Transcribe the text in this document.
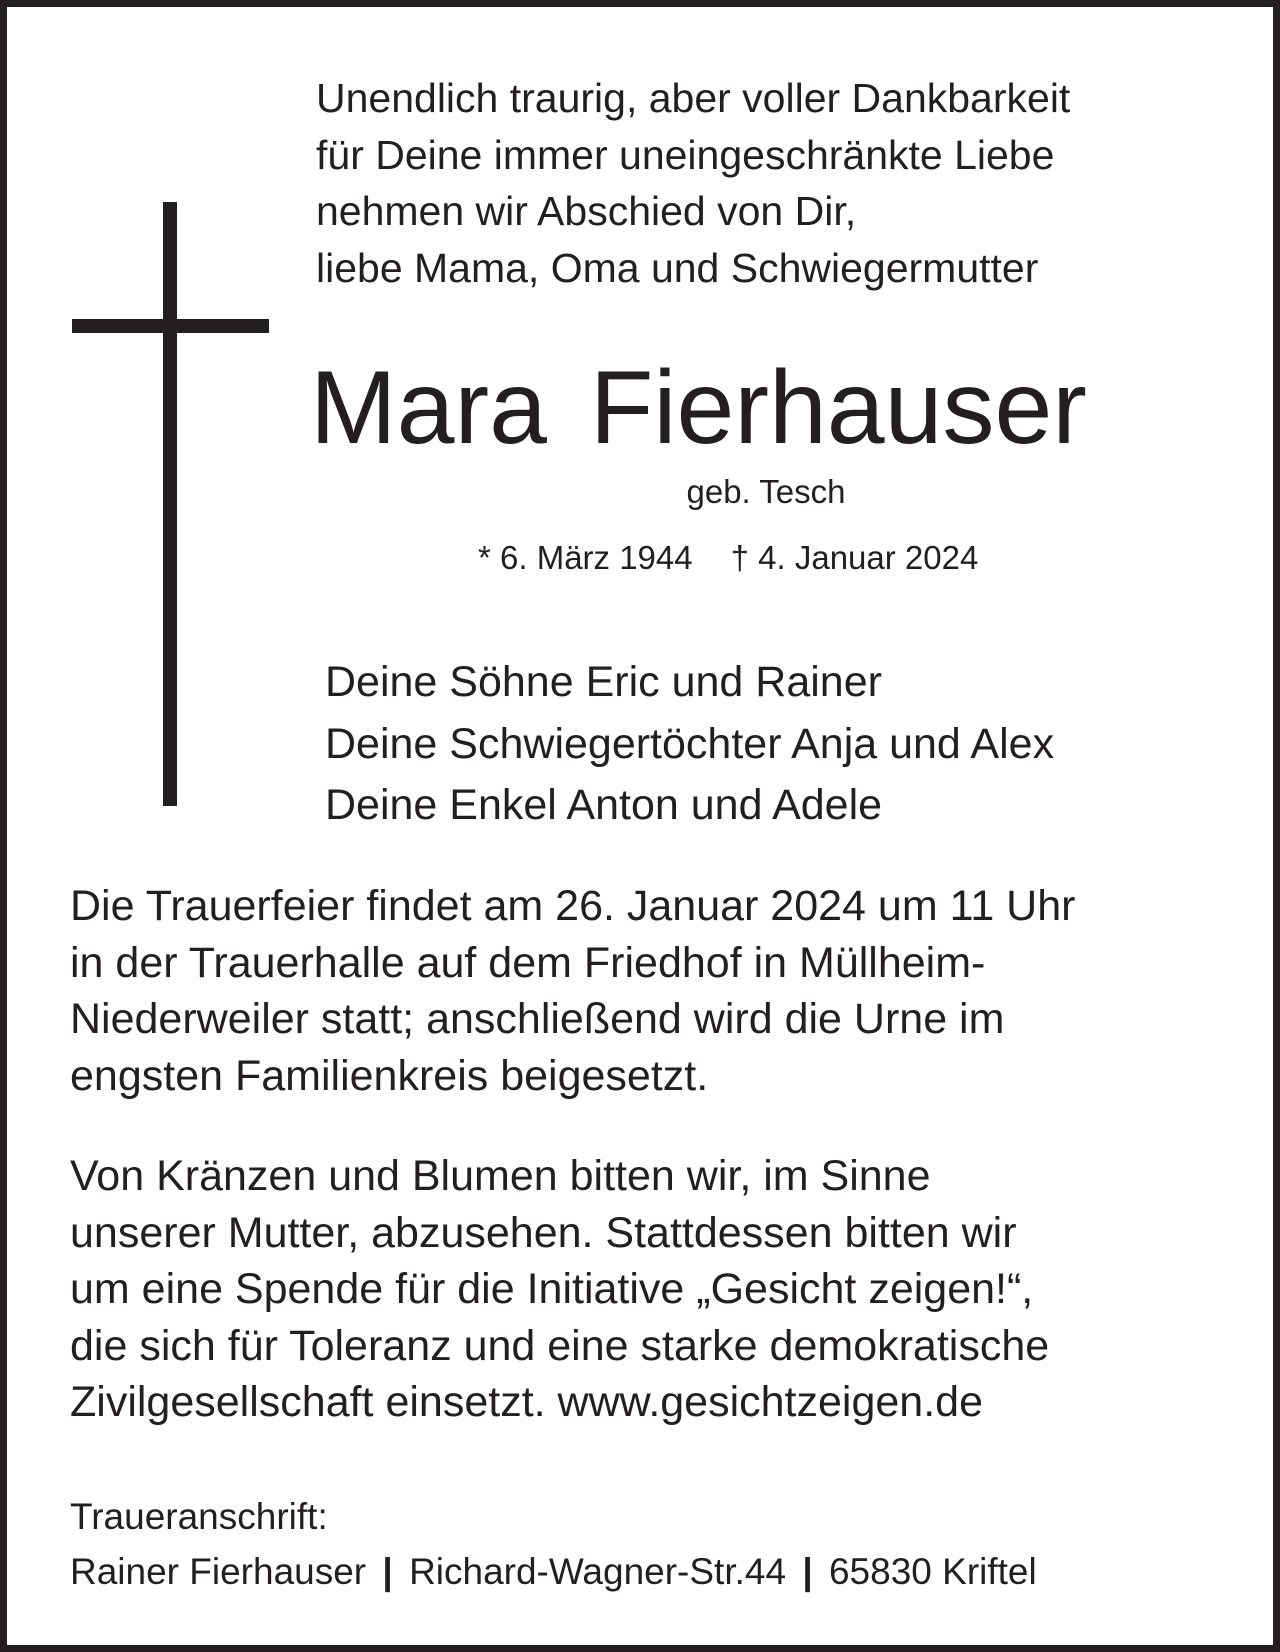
Unendlich traurig, aber voller Dankbarkeit
für Deine immer uneingeschränkte Liebe
nehmen wir Abschied von Dir,
liebe Mama, Oma und Schwiegermutter
Mara Fierhauser
geb. Tesch
* 6. März 1944 † 4. Januar 2024
Deine Söhne Eric und Rainer
Deine Schwiegertöchter Anja und Alex
Deine Enkel Anton und Adele
Die Trauerfeier findet am 26. Januar 2024 um 11 Uhr
in der Trauerhalle auf dem Friedhof in Müllheim-
Niederweiler statt; anschließend wird die Urne im
engsten Familienkreis beigesetzt.
Von Kränzen und Blumen bitten wir, im Sinne
unserer Mutter, abzusehen. Stattdessen bitten wir
um eine Spende für die Initiative „Gesicht zeigen!“,
die sich für Toleranz und eine starke demokratische
Zivilgesellschaft einsetzt. www.gesichtzeigen.de
Traueranschrift:
Rainer Fierhauser | Richard-Wagner-Str.44 | 65830 Kriftel
